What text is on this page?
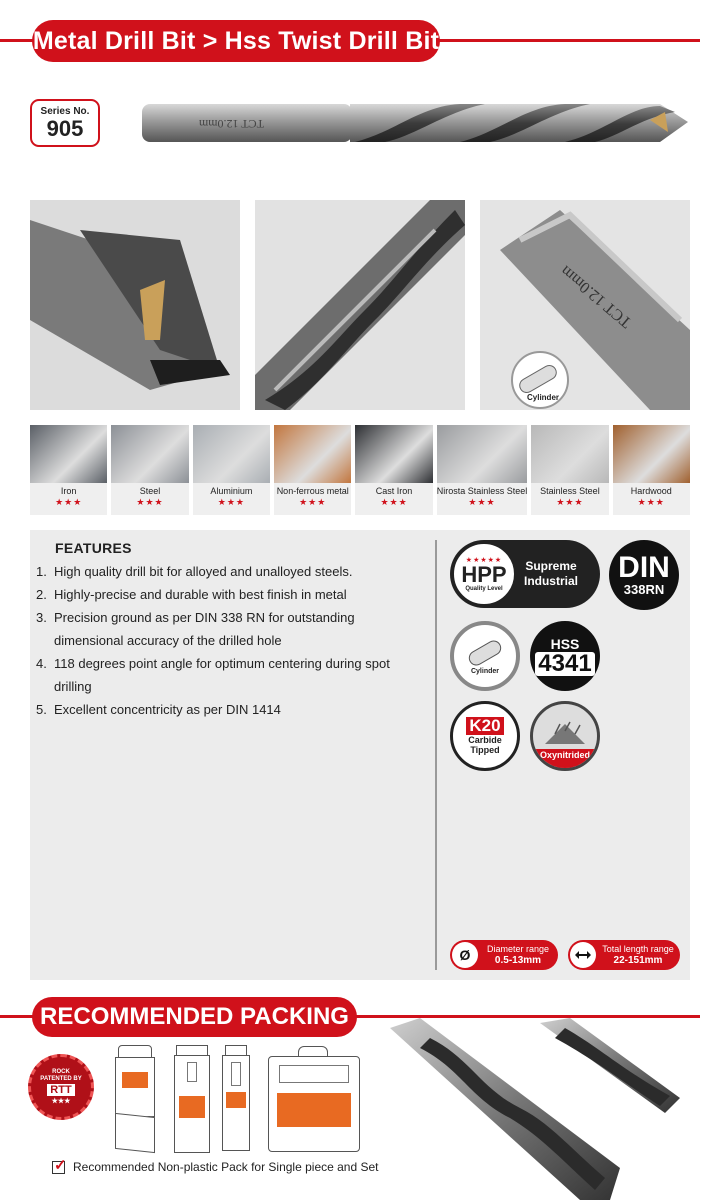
Metal Drill Bit > Hss Twist Drill Bit
Series No.
905	TCT 12.0mm
TCT 12.0mm
Cylinder
Iron
★★★
Steel
★★★
Aluminium
★★★
Non-ferrous metal
★★★
Cast Iron
★★★
Nirosta Stainless Steel
★★★
Stainless Steel
★★★
Hardwood
★★★
FEATURES
1. High quality drill bit for alloyed and unalloyed steels.
2. Highly-precise and durable with best finish in metal
3. Precision ground as per DIN 338 RN for outstanding dimensional accuracy of the drilled hole
4. 118 degrees point angle for optimum centering during spot drilling
5. Excellent concentricity as per DIN 1414
★★★★★
HPP
Quality Level
Supreme Industrial DIN
338RN
Cylinder
HSS
4341
K20
Carbide
Tipped	Oxynitrided
Ø	Diameter range
0.5-13mm
Total length range
22-151mm
RECOMMENDED PACKING
ROCK
PATENTED BY
RTT
★★★
✓
Recommended Non-plastic Pack for Single piece and Set
